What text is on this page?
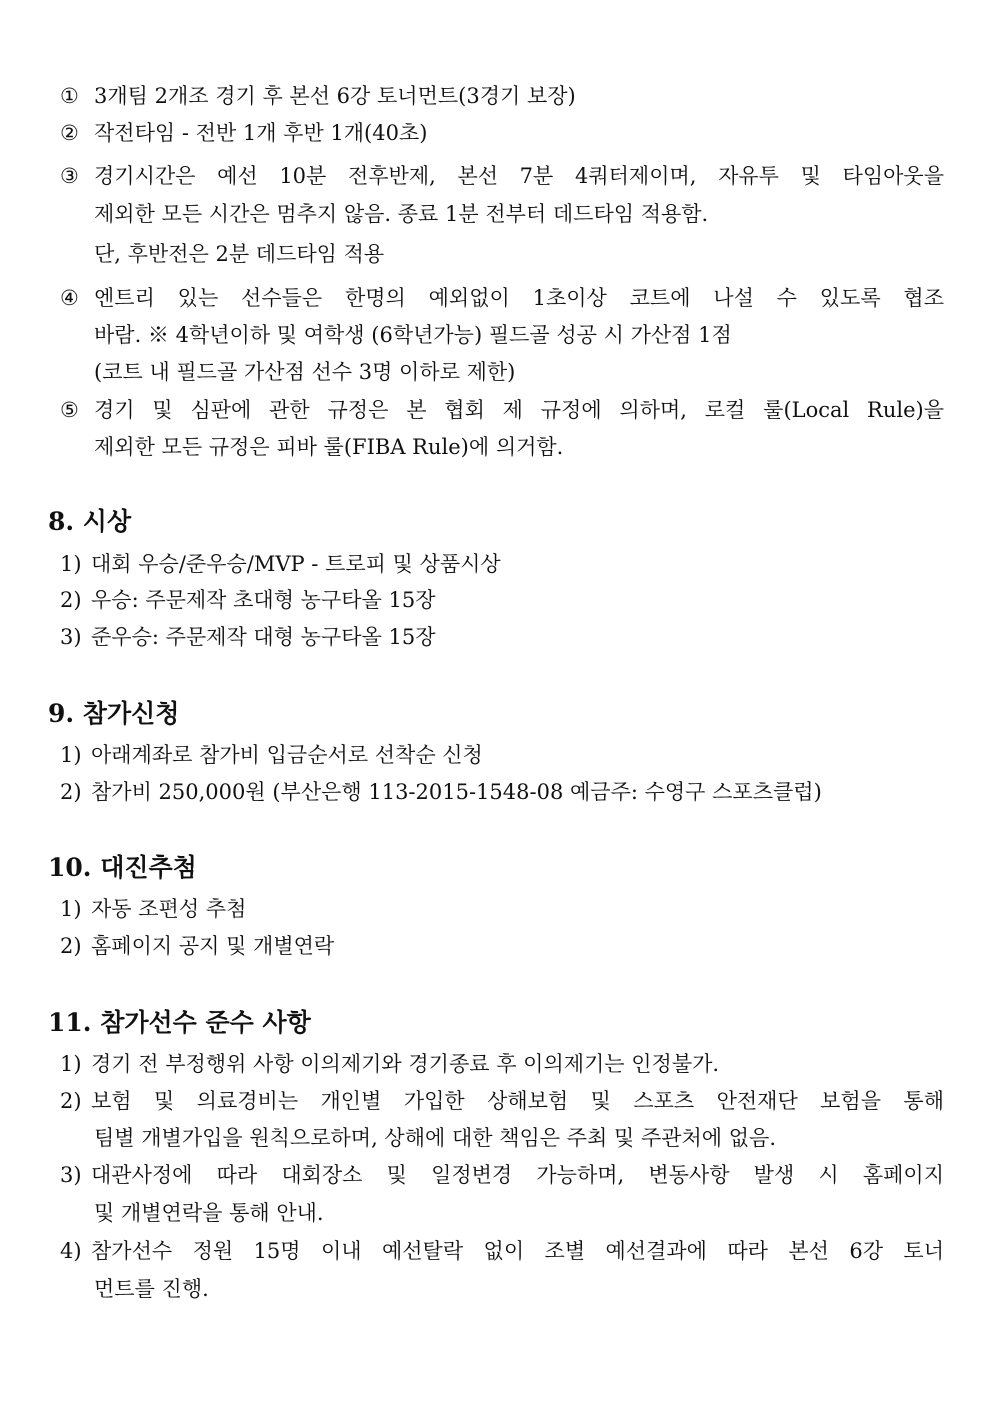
① 3개팀 2개조 경기 후 본선 6강 토너먼트(3경기 보장)
② 작전타임 - 전반 1개 후반 1개(40초)
③ 경기시간은 예선 10분 전후반제, 본선 7분 4쿼터제이며, 자유투 및 타임아웃을
제외한 모든 시간은 멈추지 않음. 종료 1분 전부터 데드타임 적용함.
단, 후반전은 2분 데드타임 적용
④ 엔트리 있는 선수들은 한명의 예외없이 1초이상 코트에 나설 수 있도록 협조
바람. ※ 4학년이하 및 여학생 (6학년가능) 필드골 성공 시 가산점 1점
(코트 내 필드골 가산점 선수 3명 이하로 제한)
⑤ 경기 및 심판에 관한 규정은 본 협회 제 규정에 의하며, 로컬 룰(Local Rule)을
제외한 모든 규정은 피바 룰(FIBA Rule)에 의거함.
8. 시상
1) 대회 우승/준우승/MVP - 트로피 및 상품시상
2) 우승: 주문제작 초대형 농구타올 15장
3) 준우승: 주문제작 대형 농구타올 15장
9. 참가신청
1) 아래계좌로 참가비 입금순서로 선착순 신청
2) 참가비 250,000원 (부산은행 113-2015-1548-08 예금주: 수영구 스포츠클럽)
10. 대진추첨
1) 자동 조편성 추첨
2) 홈페이지 공지 및 개별연락
11. 참가선수 준수 사항
1) 경기 전 부정행위 사항 이의제기와 경기종료 후 이의제기는 인정불가.
2) 보험 및 의료경비는 개인별 가입한 상해보험 및 스포츠 안전재단 보험을 통해
팀별 개별가입을 원칙으로하며, 상해에 대한 책임은 주최 및 주관처에 없음.
3) 대관사정에 따라 대회장소 및 일정변경 가능하며, 변동사항 발생 시 홈페이지
및 개별연락을 통해 안내.
4) 참가선수 정원 15명 이내 예선탈락 없이 조별 예선결과에 따라 본선 6강 토너
먼트를 진행.
